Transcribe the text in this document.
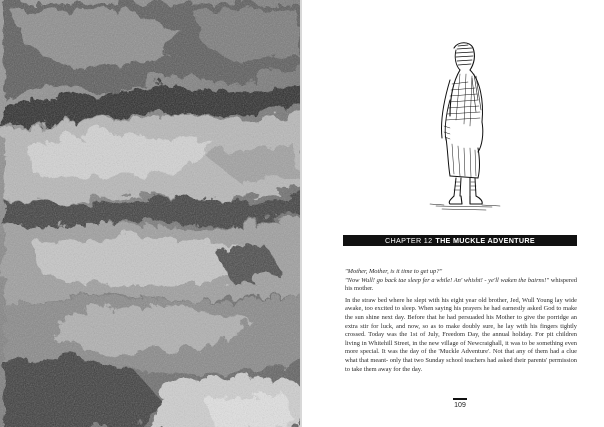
CHAPTER 12 THE MUCKLE ADVENTURE

"Mother, Mother, is it time to get up?"

"Now Wull! go back tae sleep fer a while! An' whisht! - ye'll waken the bairns!" whispered his mother.

In the straw bed where he slept with his eight year old brother, Jed, Wull Young lay wide awake, too excited to sleep. When saying his prayers he had earnestly asked God to make the sun shine next day. Before that he had persuaded his Mother to give the porridge an extra stir for luck, and now, so as to make doubly sure, he lay with his fingers tightly crossed. Today was the 1st of July, Freedom Day, the annual holiday. For pit children living in Whitehill Street, in the new village of Newcraighall, it was to be something even more special. It was the day of the 'Muckle Adventure'. Not that any of them had a clue what that meant- only that two Sunday school teachers had asked their parents' permission to take them away for the day.

109
